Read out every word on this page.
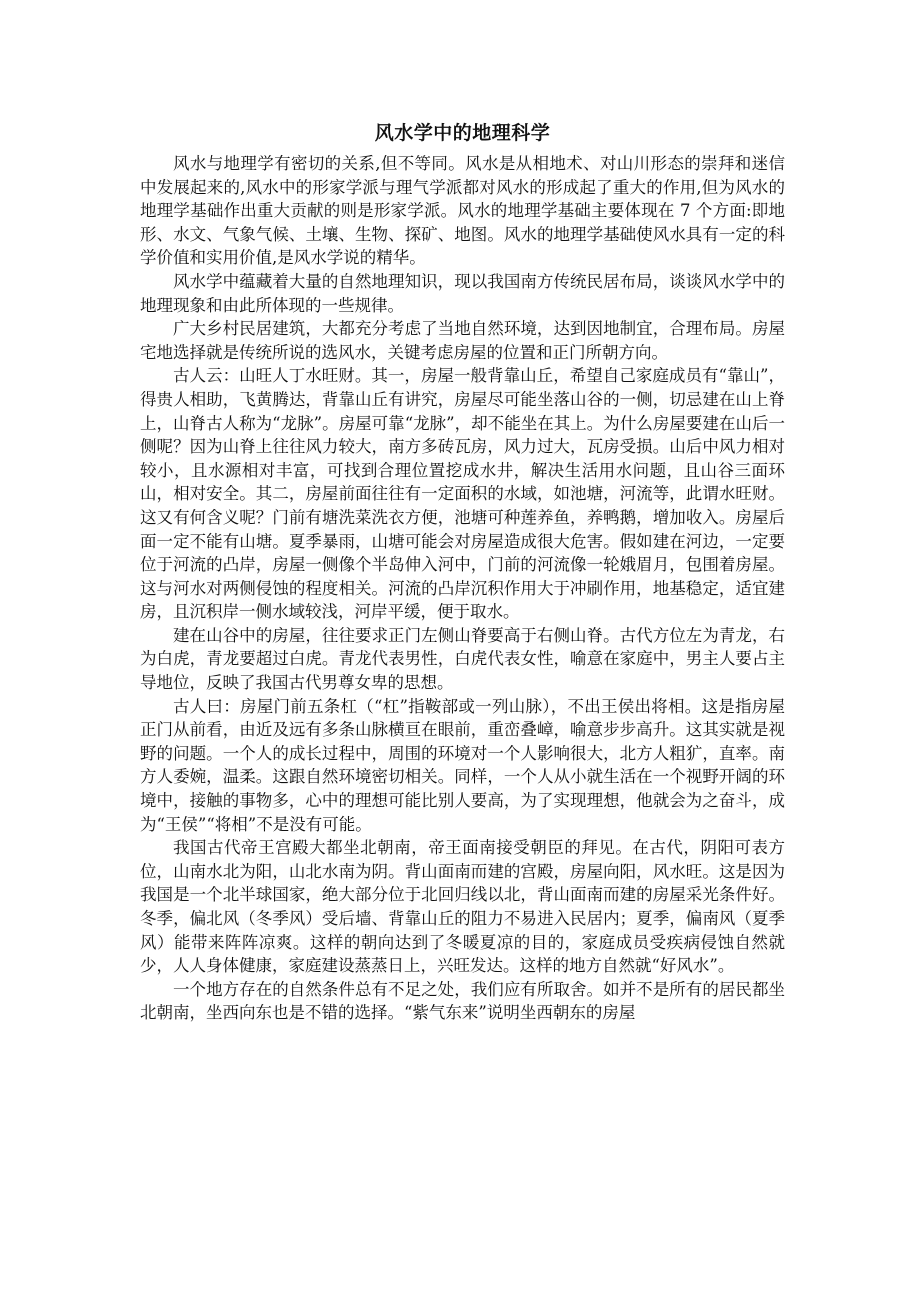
风水学中的地理科学

风水与地理学有密切的关系,但不等同。风水是从相地术、对山川形态的崇拜和迷信中发展起来的,风水中的形家学派与理气学派都对风水的形成起了重大的作用,但为风水的地理学基础作出重大贡献的则是形家学派。风水的地理学基础主要体现在 7 个方面:即地形、水文、气象气候、土壤、生物、探矿、地图。风水的地理学基础使风水具有一定的科学价值和实用价值,是风水学说的精华。

风水学中蕴藏着大量的自然地理知识，现以我国南方传统民居布局，谈谈风水学中的地理现象和由此所体现的一些规律。

广大乡村民居建筑，大都充分考虑了当地自然环境，达到因地制宜，合理布局。房屋宅地选择就是传统所说的选风水，关键考虑房屋的位置和正门所朝方向。

古人云：山旺人丁水旺财。其一，房屋一般背靠山丘，希望自己家庭成员有“靠山”，得贵人相助，飞黄腾达，背靠山丘有讲究，房屋尽可能坐落山谷的一侧，切忌建在山上脊上，山脊古人称为“龙脉”。房屋可靠“龙脉”，却不能坐在其上。为什么房屋要建在山后一侧呢？因为山脊上往往风力较大，南方多砖瓦房，风力过大，瓦房受损。山后中风力相对较小，且水源相对丰富，可找到合理位置挖成水井，解决生活用水问题，且山谷三面环山，相对安全。其二，房屋前面往往有一定面积的水域，如池塘，河流等，此谓水旺财。这又有何含义呢？门前有塘洗菜洗衣方便，池塘可种莲养鱼，养鸭鹅，增加收入。房屋后面一定不能有山塘。夏季暴雨，山塘可能会对房屋造成很大危害。假如建在河边，一定要位于河流的凸岸，房屋一侧像个半岛伸入河中，门前的河流像一轮娥眉月，包围着房屋。这与河水对两侧侵蚀的程度相关。河流的凸岸沉积作用大于冲刷作用，地基稳定，适宜建房，且沉积岸一侧水域较浅，河岸平缓，便于取水。

建在山谷中的房屋，往往要求正门左侧山脊要高于右侧山脊。古代方位左为青龙，右为白虎，青龙要超过白虎。青龙代表男性，白虎代表女性，喻意在家庭中，男主人要占主导地位，反映了我国古代男尊女卑的思想。

古人曰：房屋门前五条杠（“杠”指鞍部或一列山脉），不出王侯出将相。这是指房屋正门从前看，由近及远有多条山脉横亘在眼前，重峦叠嶂，喻意步步高升。这其实就是视野的问题。一个人的成长过程中，周围的环境对一个人影响很大，北方人粗犷，直率。南方人委婉，温柔。这跟自然环境密切相关。同样，一个人从小就生活在一个视野开阔的环境中，接触的事物多，心中的理想可能比别人要高，为了实现理想，他就会为之奋斗，成为“王侯”“将相”不是没有可能。

我国古代帝王宫殿大都坐北朝南，帝王面南接受朝臣的拜见。在古代，阴阳可表方位，山南水北为阳，山北水南为阴。背山面南而建的宫殿，房屋向阳，风水旺。这是因为我国是一个北半球国家，绝大部分位于北回归线以北，背山面南而建的房屋采光条件好。冬季，偏北风（冬季风）受后墙、背靠山丘的阻力不易进入民居内；夏季，偏南风（夏季风）能带来阵阵凉爽。这样的朝向达到了冬暖夏凉的目的，家庭成员受疾病侵蚀自然就少，人人身体健康，家庭建设蒸蒸日上，兴旺发达。这样的地方自然就“好风水”。

一个地方存在的自然条件总有不足之处，我们应有所取舍。如并不是所有的居民都坐北朝南，坐西向东也是不错的选择。“紫气东来”说明坐西朝东的房屋
